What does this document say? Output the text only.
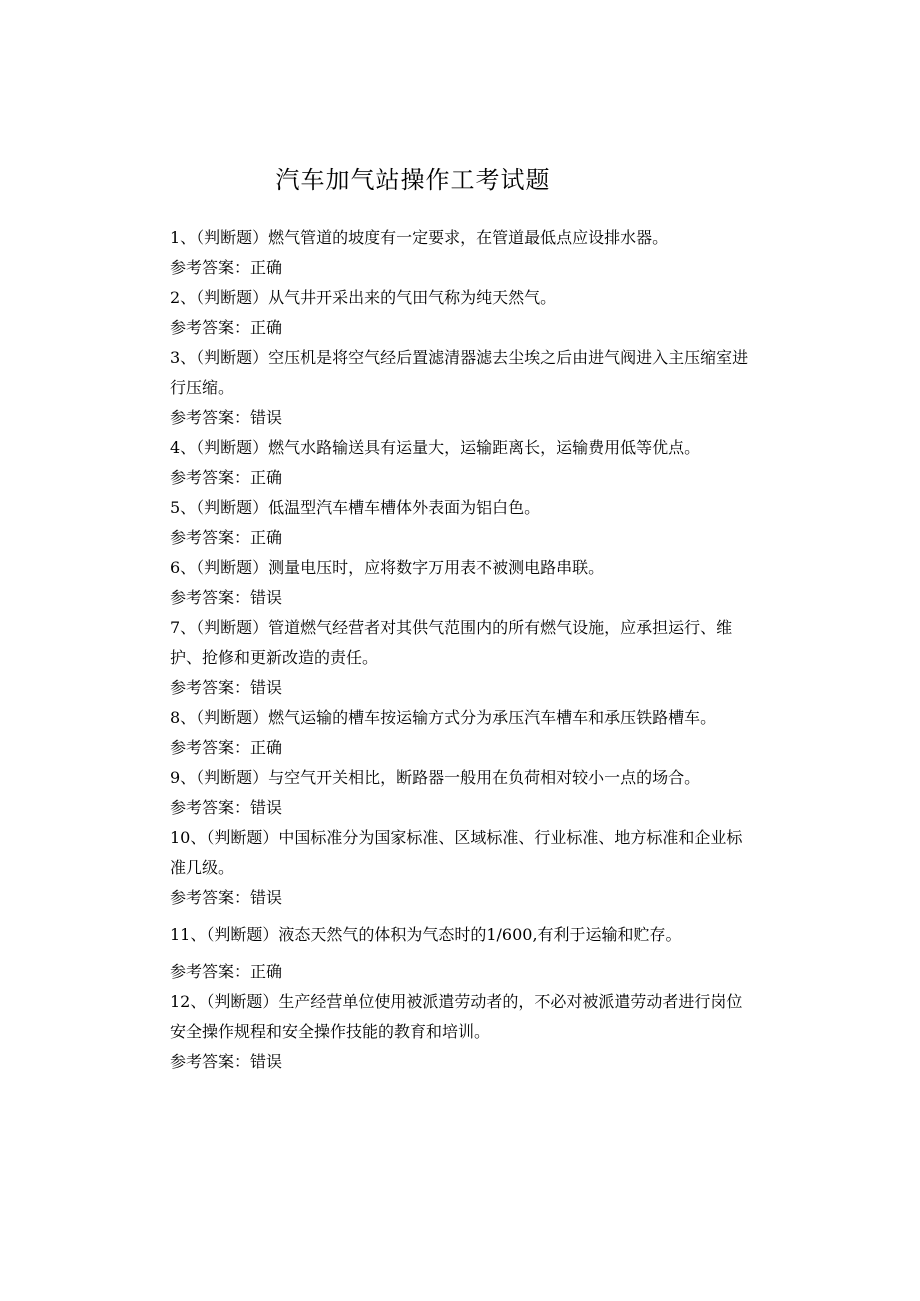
汽车加气站操作工考试题

1、（判断题）燃气管道的坡度有一定要求，在管道最低点应设排水器。

参考答案：正确

2、（判断题）从气井开采出来的气田气称为纯天然气。

参考答案：正确

3、（判断题）空压机是将空气经后置滤清器滤去尘埃之后由进气阀进入主压缩室进行压缩。

参考答案：错误

4、（判断题）燃气水路输送具有运量大，运输距离长，运输费用低等优点。

参考答案：正确

5、（判断题）低温型汽车槽车槽体外表面为铝白色。

参考答案：正确

6、（判断题）测量电压时，应将数字万用表不被测电路串联。

参考答案：错误

7、（判断题）管道燃气经营者对其供气范围内的所有燃气设施，应承担运行、维护、抢修和更新改造的责任。

参考答案：错误

8、（判断题）燃气运输的槽车按运输方式分为承压汽车槽车和承压铁路槽车。

参考答案：正确

9、（判断题）与空气开关相比，断路器一般用在负荷相对较小一点的场合。

参考答案：错误

10、（判断题）中国标准分为国家标准、区域标准、行业标准、地方标准和企业标准几级。

参考答案：错误

11、（判断题）液态天然气的体积为气态时的1/600,有利于运输和贮存。

参考答案：正确

12、（判断题）生产经营单位使用被派遣劳动者的，不必对被派遣劳动者进行岗位安全操作规程和安全操作技能的教育和培训。

参考答案：错误
